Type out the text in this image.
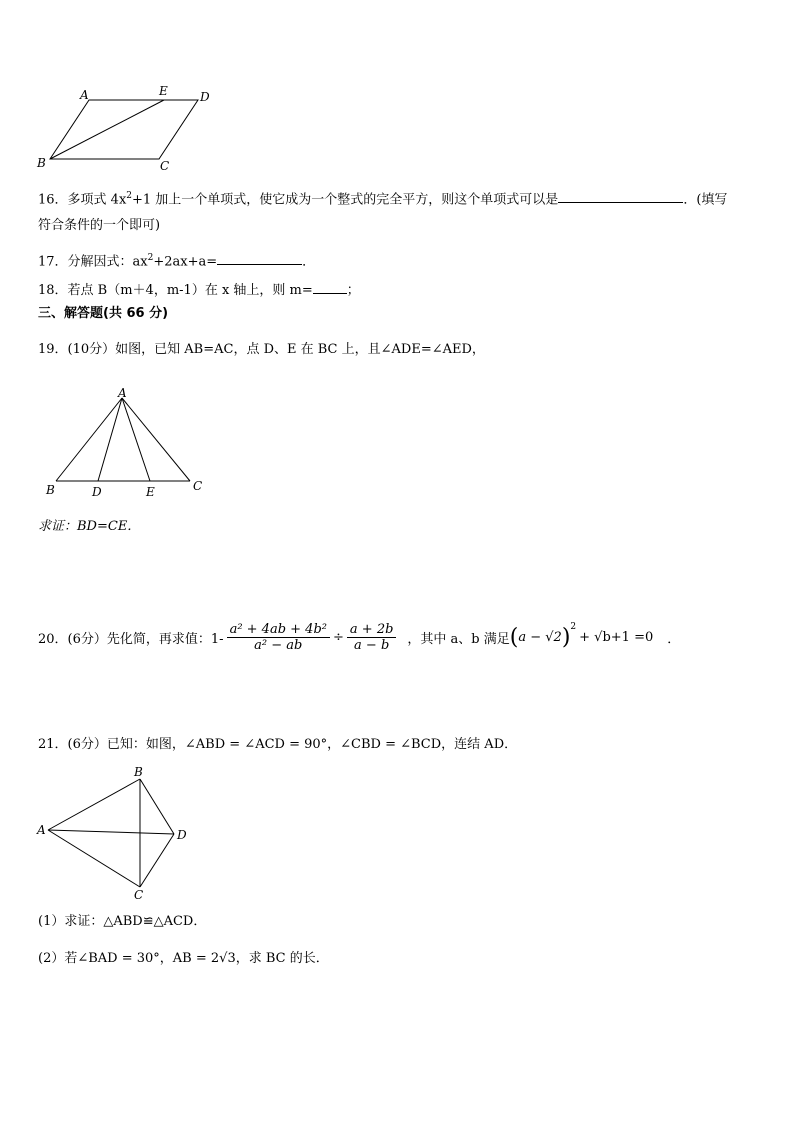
A	E	D
B	C
16．多项式 $4x^2+1$ 加上一个单项式，使它成为一个整式的完全平方，则这个单项式可以是	．(填写
符合条件的一个即可)
17．分解因式：$ax^2+2ax+a=$	．
18．若点 B（m＋4，m-1）在 x 轴上，则 m=	；
三、解答题(共 66 分)
19．(10分）如图，已知 AB=AC，点 D、E 在 BC 上，且∠ADE=∠AED，
A
B	D	E	C
求证：BD=CE．
20．(6分）先化简，再求值：$1- \frac{\text{a² + 4ab + 4b²}}{\text{a² − ab}} \div \frac{a + 2b}{a - b}$ ，其中 a、b 满足 ( a − √2 )$^2$
+ √b+1 =0 ．
21．(6分）已知：如图，∠ABD = ∠ACD = 90°，∠CBD = ∠BCD，连结 AD．
B
A	D
C
(1）求证：△ABD≌△ACD．
(2）若∠BAD = 30°，AB = 2√3，求 BC 的长．
